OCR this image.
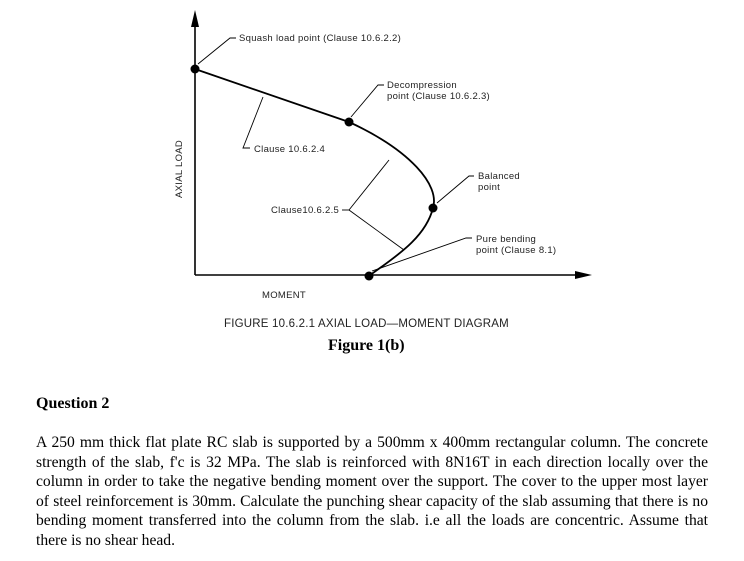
AXIAL LOAD
MOMENT
Squash load point (Clause 10.6.2.2)
Decompression
point (Clause 10.6.2.3)
Clause 10.6.2.4
Balanced
point
Clause10.6.2.5
Pure bending
point (Clause 8.1)

FIGURE 10.6.2.1 AXIAL LOAD—MOMENT DIAGRAM

Figure 1(b)

Question 2

A 250 mm thick flat plate RC slab is supported by a 500mm x 400mm rectangular column. The concrete strength of the slab, f'c is 32 MPa. The slab is reinforced with 8N16T in each direction locally over the column in order to take the negative bending moment over the support. The cover to the upper most layer of steel reinforcement is 30mm. Calculate the punching shear capacity of the slab assuming that there is no bending moment transferred into the column from the slab. i.e all the loads are concentric. Assume that there is no shear head.
